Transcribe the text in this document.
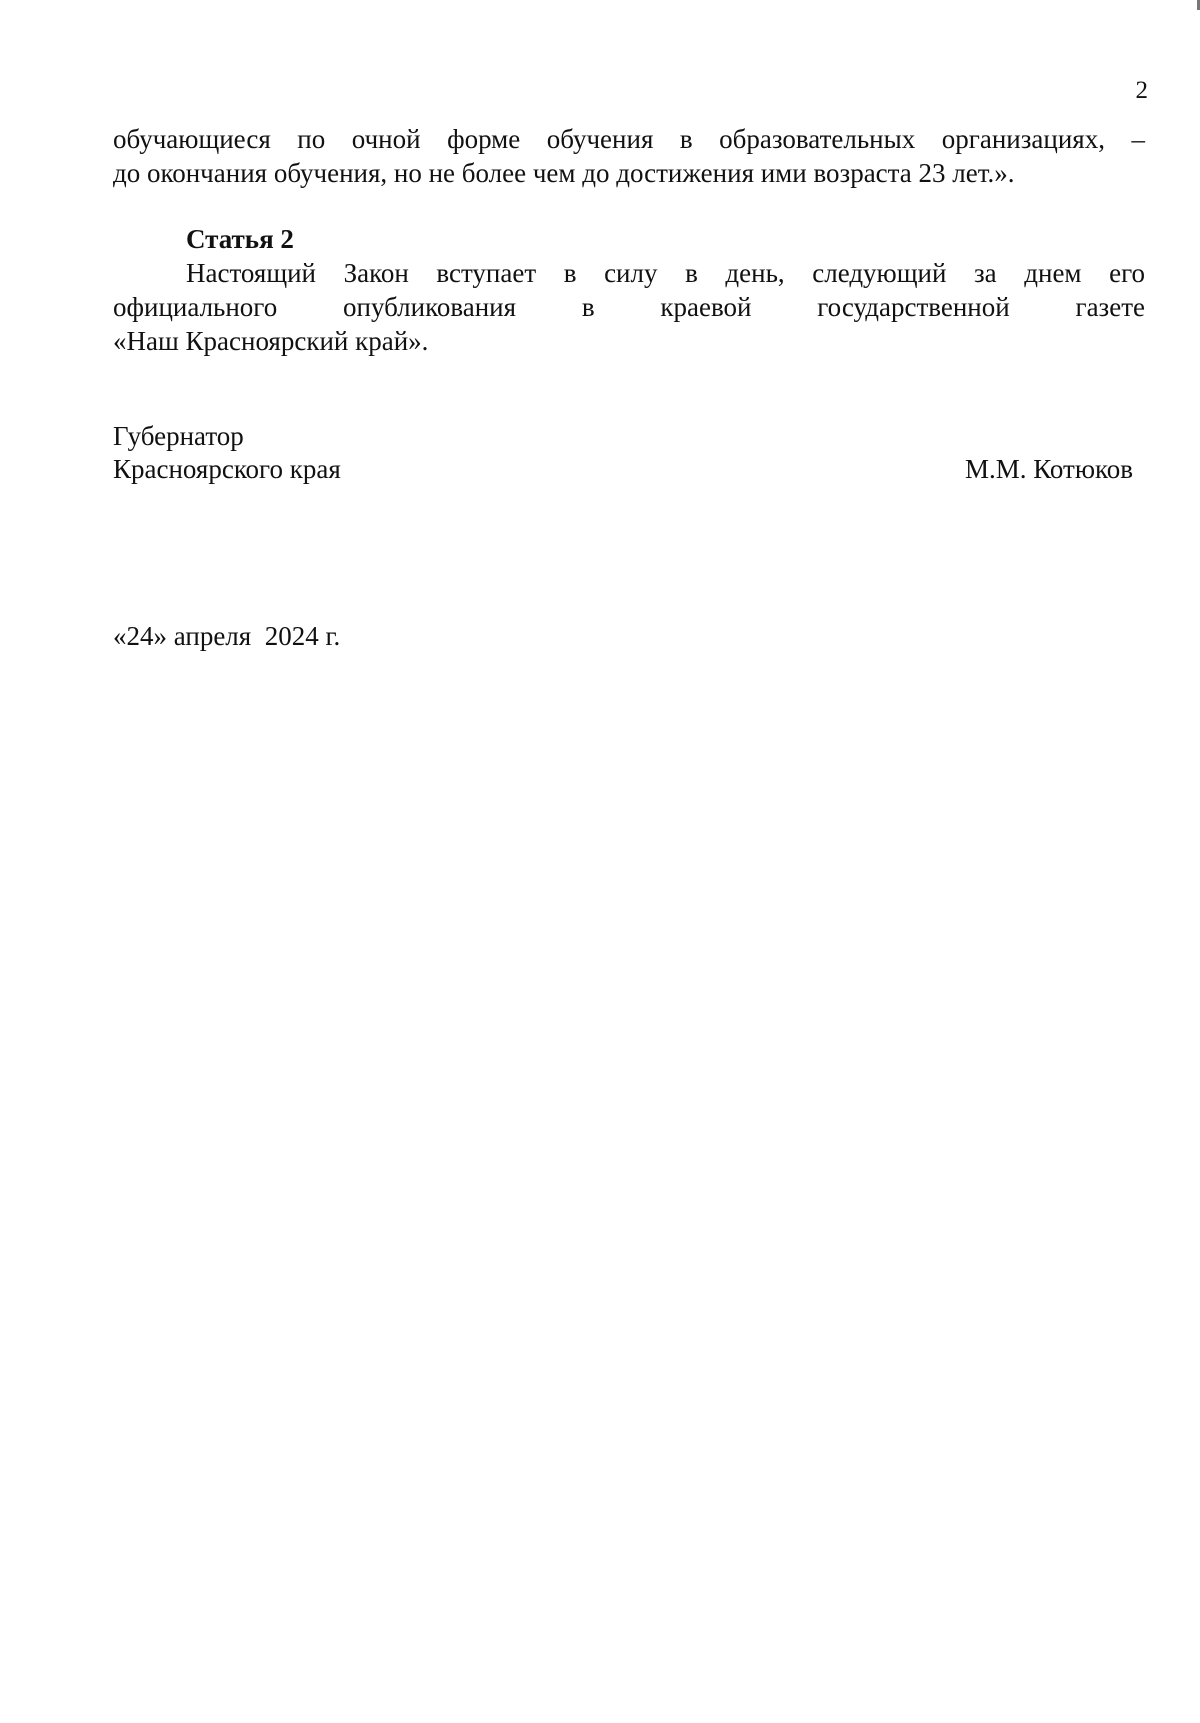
2
обучающиеся по очной форме обучения в образовательных организациях, –
до окончания обучения, но не более чем до достижения ими возраста 23 лет.».
Статья 2
Настоящий Закон вступает в силу в день, следующий за днем его
официального опубликования в краевой государственной газете
«Наш Красноярский край».
Губернатор
Красноярского края	М.М. Котюков
«24» апреля  2024 г.
